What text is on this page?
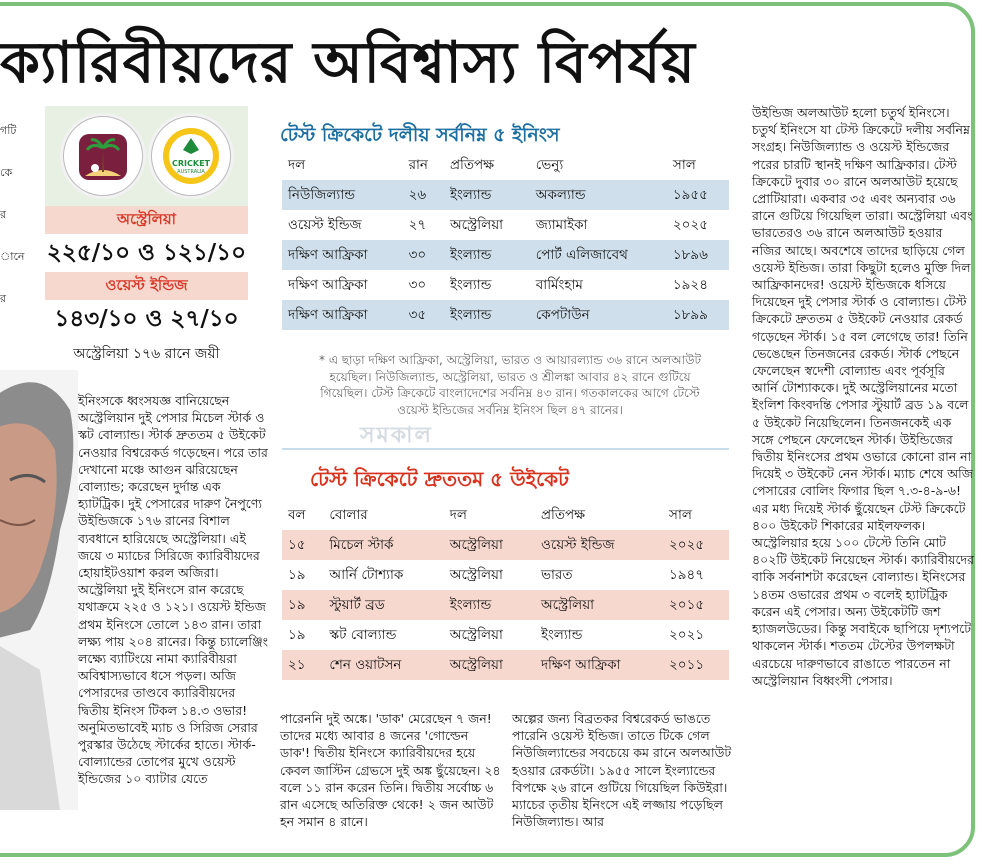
ক্যারিবীয়দের অবিশ্বাস্য বিপর্যয়

গটি

কে

র

ানে

র

CRICKET
AUSTRALIA
অস্ট্রেলিয়া
২২৫/১০ ও ১২১/১০
ওয়েস্ট ইন্ডিজ
১৪৩/১০ ও ২৭/১০
অস্ট্রেলিয়া ১৭৬ রানে জয়ী

ইনিংসকে ধ্বংসযজ্ঞ বানিয়েছেন অস্ট্রেলিয়ান দুই পেসার মিচেল স্টার্ক ও স্কট বোল্যান্ড। স্টার্ক দ্রুততম ৫ উইকেট নেওয়ার বিশ্বরেকর্ড গড়েছেন। পরে তার দেখানো মঞ্চে আগুন ঝরিয়েছেন বোল্যান্ড; করেছেন দুর্দান্ত এক হ্যাটট্রিক। দুই পেসারের দারুণ নৈপুণ্যে উইন্ডিজকে ১৭৬ রানের বিশাল ব্যবধানে হারিয়েছে অস্ট্রেলিয়া। এই জয়ে ৩ ম্যাচের সিরিজে ক্যারিবীয়দের হোয়াইটওয়াশ করল অজিরা। অস্ট্রেলিয়া দুই ইনিংসে রান করেছে যথাক্রমে ২২৫ ও ১২১। ওয়েস্ট ইন্ডিজ প্রথম ইনিংসে তোলে ১৪৩ রান। তারা লক্ষ্য পায় ২০৪ রানের। কিন্তু চ্যালেঞ্জিং লক্ষ্যে ব্যাটিংয়ে নামা ক্যারিবীয়রা অবিশ্বাস্যভাবে ধসে পড়ল। অজি পেসারদের তাণ্ডবে ক্যারিবীয়দের দ্বিতীয় ইনিংস টিকল ১৪.৩ ওভার! অনুমিতভাবেই ম্যাচ ও সিরিজ সেরার পুরস্কার উঠেছে স্টার্কের হাতে। স্টার্ক-বোল্যান্ডের তোপের মুখে ওয়েস্ট ইন্ডিজের ১০ ব্যাটার যেতে

টেস্ট ক্রিকেটে দলীয় সর্বনিম্ন ৫ ইনিংস
দল	রান	প্রতিপক্ষ	ভেন্যু	সাল
নিউজিল্যান্ড	২৬	ইংল্যান্ড	অকল্যান্ড	১৯৫৫
ওয়েস্ট ইন্ডিজ	২৭	অস্ট্রেলিয়া	জ্যামাইকা	২০২৫
দক্ষিণ আফ্রিকা	৩০	ইংল্যান্ড	পোর্ট এলিজাবেথ	১৮৯৬
দক্ষিণ আফ্রিকা	৩০	ইংল্যান্ড	বার্মিংহাম	১৯২৪
দক্ষিণ আফ্রিকা	৩৫	ইংল্যান্ড	কেপটাউন	১৮৯৯
* এ ছাড়া দক্ষিণ আফ্রিকা, অস্ট্রেলিয়া, ভারত ও আয়ারল্যান্ড ৩৬ রানে অলআউট হয়েছিল। নিউজিল্যান্ড, অস্ট্রেলিয়া, ভারত ও শ্রীলঙ্কা আবার ৪২ রানে গুটিয়ে গিয়েছিল। টেস্ট ক্রিকেটে বাংলাদেশের সর্বনিম্ন ৪৩ রান। গতকালকের আগে টেস্টে ওয়েস্ট ইন্ডিজের সর্বনিম্ন ইনিংস ছিল ৪৭ রানের।
সমকাল
টেস্ট ক্রিকেটে দ্রুততম ৫ উইকেট
বল	বোলার	দল	প্রতিপক্ষ	সাল
১৫	মিচেল স্টার্ক	অস্ট্রেলিয়া	ওয়েস্ট ইন্ডিজ	২০২৫
১৯	আর্নি টোশ্যাক	অস্ট্রেলিয়া	ভারত	১৯৪৭
১৯	স্টুয়ার্ট ব্রড	ইংল্যান্ড	অস্ট্রেলিয়া	২০১৫
১৯	স্কট বোল্যান্ড	অস্ট্রেলিয়া	ইংল্যান্ড	২০২১
২১	শেন ওয়াটসন	অস্ট্রেলিয়া	দক্ষিণ আফ্রিকা	২০১১

পারেননি দুই অঙ্কে। 'ডাক' মেরেছেন ৭ জন! তাদের মধ্যে আবার ৪ জনের 'গোল্ডেন ডাক'! দ্বিতীয় ইনিংসে ক্যারিবীয়দের হয়ে কেবল জাস্টিন গ্রেভসে দুই অঙ্ক ছুঁয়েছেন। ২৪ বলে ১১ রান করেন তিনি। দ্বিতীয় সর্বোচ্চ ৬ রান এসেছে অতিরিক্ত থেকে! ২ জন আউট হন সমান ৪ রানে।

অল্পের জন্য বিব্রতকর বিশ্বরেকর্ড ভাঙতে পারেনি ওয়েস্ট ইন্ডিজ। তাতে টিকে গেল নিউজিল্যান্ডের সবচেয়ে কম রানে অলআউট হওয়ার রেকর্ডটা। ১৯৫৫ সালে ইংল্যান্ডের বিপক্ষে ২৬ রানে গুটিয়ে গিয়েছিল কিউইরা। ম্যাচের তৃতীয় ইনিংসে এই লজ্জায় পড়েছিল নিউজিল্যান্ড। আর

উইন্ডিজ অলআউট হলো চতুর্থ ইনিংসে। চতুর্থ ইনিংসে যা টেস্ট ক্রিকেটে দলীয় সর্বনিম্ন সংগ্রহ। নিউজিল্যান্ড ও ওয়েস্ট ইন্ডিজের পরের চারটি স্থানই দক্ষিণ আফ্রিকার। টেস্ট ক্রিকেটে দুবার ৩০ রানে অলআউট হয়েছে প্রোটিয়ারা। একবার ৩৫ এবং অন্যবার ৩৬ রানে গুটিয়ে গিয়েছিল তারা। অস্ট্রেলিয়া এবং ভারতেরও ৩৬ রানে অলআউট হওয়ার নজির আছে। অবশেষে তাদের ছাড়িয়ে গেল ওয়েস্ট ইন্ডিজ। তারা কিছুটা হলেও মুক্তি দিল আফ্রিকানদের! ওয়েস্ট ইন্ডিজকে ধসিয়ে দিয়েছেন দুই পেসার স্টার্ক ও বোল্যান্ড। টেস্ট ক্রিকেটে দ্রুততম ৫ উইকেট নেওয়ার রেকর্ড গড়েছেন স্টার্ক। ১৫ বল লেগেছে তার! তিনি ভেঙেছেন তিনজনের রেকর্ড। স্টার্ক পেছনে ফেলেছেন স্বদেশী বোল্যান্ড এবং পূর্বসূরি আর্নি টোশ্যাককে। দুই অস্ট্রেলিয়ানের মতো ইংলিশ কিংবদন্তি পেসার স্টুয়ার্ট ব্রড ১৯ বলে ৫ উইকেট নিয়েছিলেন। তিনজনকেই এক সঙ্গে পেছনে ফেলেছেন স্টার্ক। উইন্ডিজের দ্বিতীয় ইনিংসের প্রথম ওভারে কোনো রান না দিয়েই ৩ উইকেট নেন স্টার্ক। ম্যাচ শেষে অজি পেসারের বোলিং ফিগার ছিল ৭.৩-৪-৯-৬! এর মধ্য দিয়েই স্টার্ক ছুঁয়েছেন টেস্ট ক্রিকেটে ৪০০ উইকেট শিকারের মাইলফলক। অস্ট্রেলিয়ার হয়ে ১০০ টেস্টে তিনি মোট ৪০২টি উইকেট নিয়েছেন স্টার্ক। ক্যারিবীয়দের বাকি সর্বনাশটা করেছেন বোল্যান্ড। ইনিংসের ১৪তম ওভারের প্রথম ৩ বলেই হ্যাটট্রিক করেন এই পেসার। অন্য উইকেটটি জশ হ্যাজলউডের। কিন্তু সবাইকে ছাপিয়ে দৃশ্যপটে থাকলেন স্টার্ক। শততম টেস্টের উপলক্ষটা এরচেয়ে দারুণভাবে রাঙাতে পারতেন না অস্ট্রেলিয়ান বিধ্বংসী পেসার।
